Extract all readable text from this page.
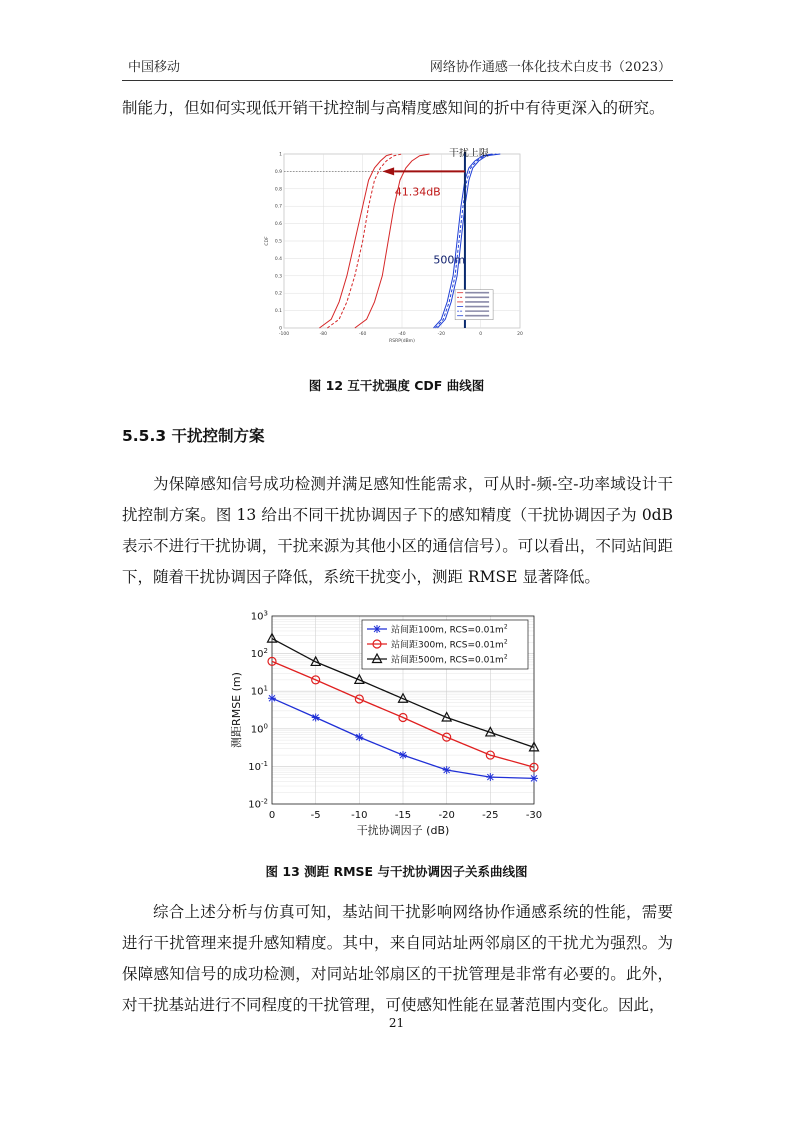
中国移动	网络协作通感一体化技术白皮书（2023）

制能力，但如何实现低开销干扰控制与高精度感知间的折中有待更深入的研究。

-100	-80	-60	-40	-20	0	20
0
0.1
0.2
0.3
0.4
0.5
0.6
0.7
0.8
0.9
1
RSRP(dBm)
CDF
41.34dB
500m
干扰上限
图 12 互干扰强度 CDF 曲线图
5.5.3 干扰控制方案

为保障感知信号成功检测并满足感知性能需求，可从时-频-空-功率域设计干扰控制方案。图 13 给出不同干扰协调因子下的感知精度（干扰协调因子为 0dB 表示不进行干扰协调，干扰来源为其他小区的通信信号）。可以看出，不同站间距下，随着干扰协调因子降低，系统干扰变小，测距 RMSE 显著降低。

0	-5	-10	-15	-20	-25	-30
$10^{-2}$
$10^{-1}$
$10^0$
$10^1$
$10^2$
$10^3$
干扰协调因子 (dB)
测距RMSE (m)
站间距100m, $RCS=0.01m^2$
站间距300m, $RCS=0.01m^2$
站间距500m, $RCS=0.01m^2$
图 13 测距 RMSE 与干扰协调因子关系曲线图

综合上述分析与仿真可知，基站间干扰影响网络协作通感系统的性能，需要进行干扰管理来提升感知精度。其中，来自同站址两邻扇区的干扰尤为强烈。为保障感知信号的成功检测，对同站址邻扇区的干扰管理是非常有必要的。此外，对干扰基站进行不同程度的干扰管理，可使感知性能在显著范围内变化。因此，

21
